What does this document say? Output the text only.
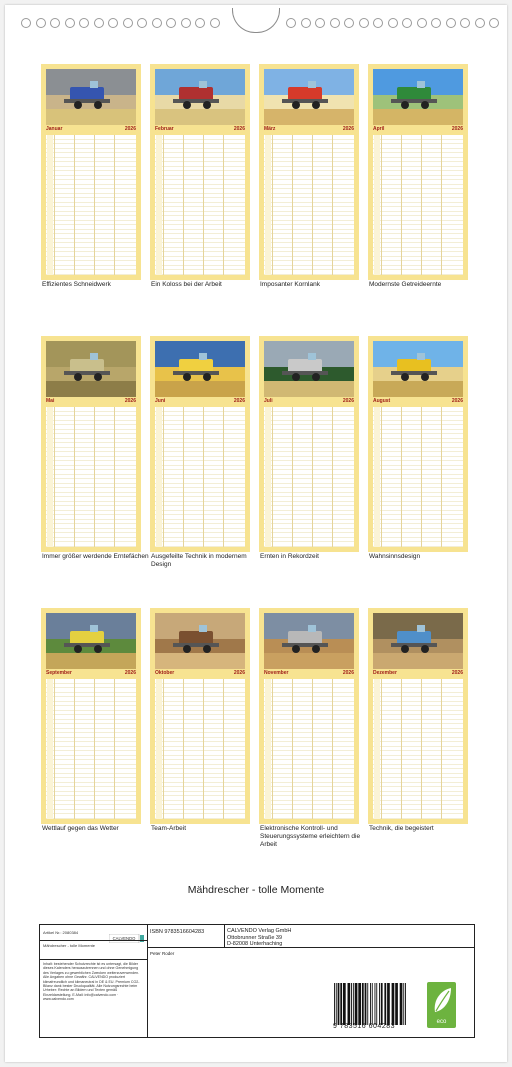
Januar	2026
Effizientes Schneidwerk
Februar	2026
Ein Koloss bei der Arbeit
März	2026
Imposanter Kornlank
April	2026
Modernste Getreideernte
Mai	2026
Immer größer werdende Erntefächen
Juni	2026
Ausgefeilte Technik in modernem Design
Juli	2026
Ernten in Rekordzeit
August	2026
Wahnsinnsdesign
September	2026
Wettlauf gegen das Wetter
Oktober	2026
Team-Arbeit
November	2026
Elektronische Kontroll- und Steuerungssysteme erleichtern die Arbeit
Dezember	2026
Technik, die begeistert
Mähdrescher - tolle Momente
Artikel Nr.: 2080384
CALVENDO
Mähdrescher - tolle Momente
Inhalt: bestehender Schutzrechte ist es untersagt, die Bilder dieses Kalenders herauszutrennen und ohne Genehmigung des Verlages zu gewerblichen Zwecken weiterzuverwenden. Alle Angaben ohne Gewähr. CALVENDO produziert klimafreundlich und klimaneutral in DE & EU. Premium CO2-Bilanz dank bester Druckqualität. Alle Nutzungsrechte beim Urheber: Rechte an Bildern und Texten gemäß Einzeldarstellung. E-Mail: info@calvendo.com · www.calvendo.com
ISBN 9783516604283
Peter Roder
CALVENDO Verlag GmbH
Ottobrunner Straße 39
D-82008 Unterhaching
9 783516 604283
eco
